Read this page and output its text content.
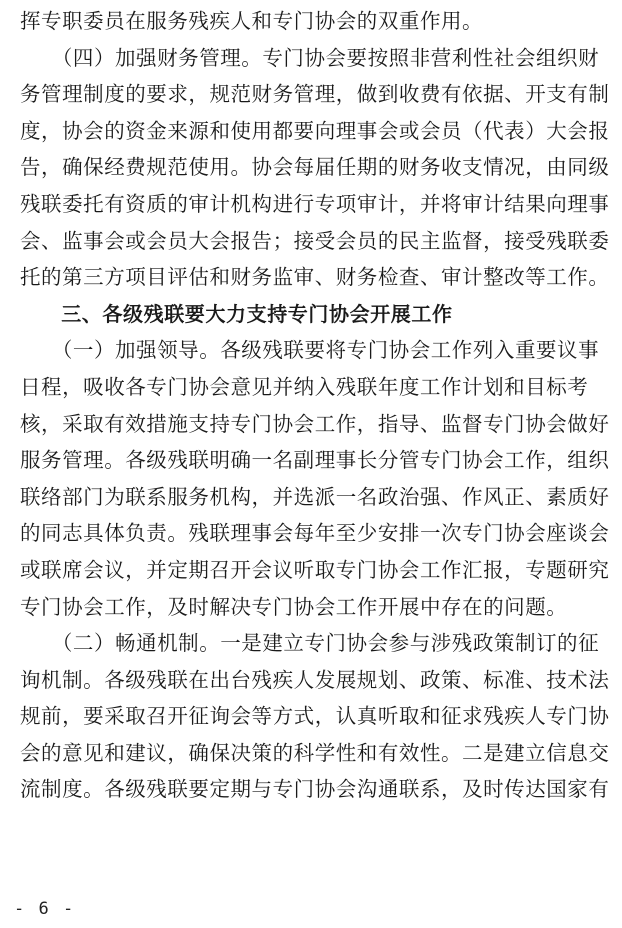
挥专职委员在服务残疾人和专门协会的双重作用。
　　（四）加强财务管理。专门协会要按照非营利性社会组织财
务管理制度的要求，规范财务管理，做到收费有依据、开支有制
度，协会的资金来源和使用都要向理事会或会员（代表）大会报
告，确保经费规范使用。协会每届任期的财务收支情况，由同级
残联委托有资质的审计机构进行专项审计，并将审计结果向理事
会、监事会或会员大会报告；接受会员的民主监督，接受残联委
托的第三方项目评估和财务监审、财务检查、审计整改等工作。
　　三、各级残联要大力支持专门协会开展工作
　　（一）加强领导。各级残联要将专门协会工作列入重要议事
日程，吸收各专门协会意见并纳入残联年度工作计划和目标考
核，采取有效措施支持专门协会工作，指导、监督专门协会做好
服务管理。各级残联明确一名副理事长分管专门协会工作，组织
联络部门为联系服务机构，并选派一名政治强、作风正、素质好
的同志具体负责。残联理事会每年至少安排一次专门协会座谈会
或联席会议，并定期召开会议听取专门协会工作汇报，专题研究
专门协会工作，及时解决专门协会工作开展中存在的问题。
　　（二）畅通机制。一是建立专门协会参与涉残政策制订的征
询机制。各级残联在出台残疾人发展规划、政策、标准、技术法
规前，要采取召开征询会等方式，认真听取和征求残疾人专门协
会的意见和建议，确保决策的科学性和有效性。二是建立信息交
流制度。各级残联要定期与专门协会沟通联系，及时传达国家有
- 6 -
